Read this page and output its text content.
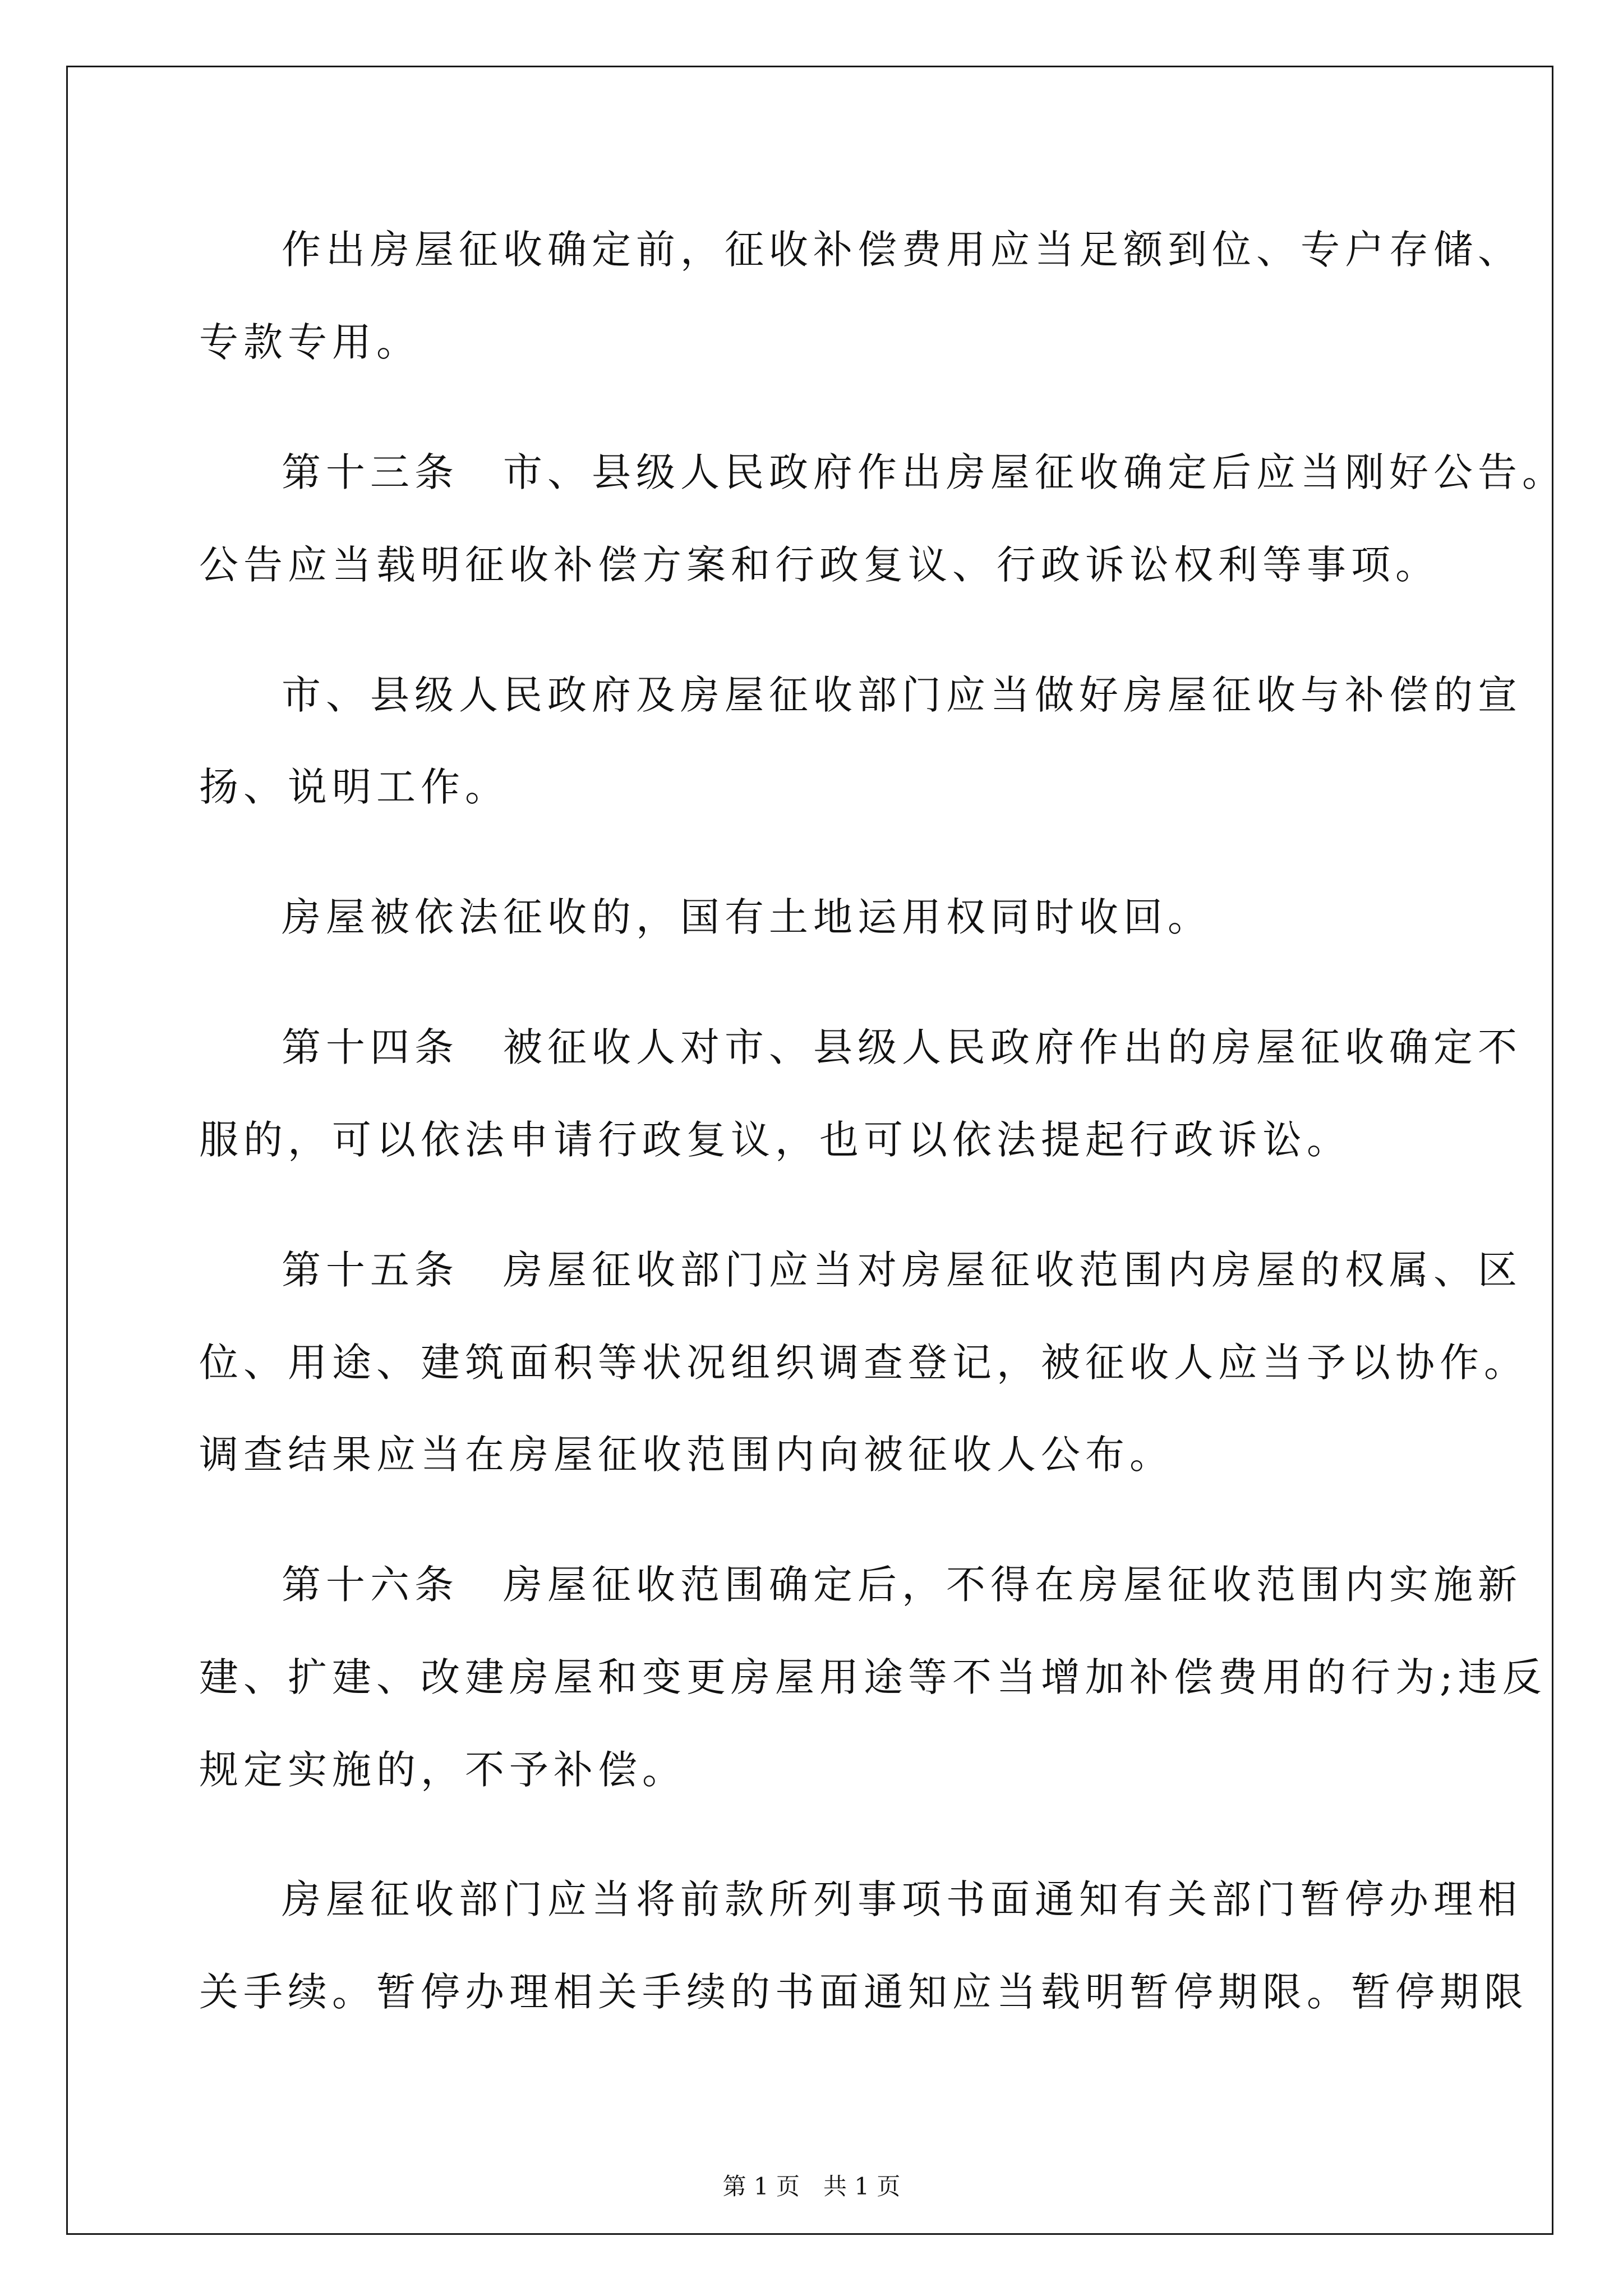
作出房屋征收确定前，征收补偿费用应当足额到位、专户存储、
专款专用。
第十三条　市、县级人民政府作出房屋征收确定后应当刚好公告。
公告应当载明征收补偿方案和行政复议、行政诉讼权利等事项。
市、县级人民政府及房屋征收部门应当做好房屋征收与补偿的宣
扬、说明工作。
房屋被依法征收的，国有土地运用权同时收回。
第十四条　被征收人对市、县级人民政府作出的房屋征收确定不
服的，可以依法申请行政复议，也可以依法提起行政诉讼。
第十五条　房屋征收部门应当对房屋征收范围内房屋的权属、区
位、用途、建筑面积等状况组织调查登记，被征收人应当予以协作。
调查结果应当在房屋征收范围内向被征收人公布。
第十六条　房屋征收范围确定后，不得在房屋征收范围内实施新
建、扩建、改建房屋和变更房屋用途等不当增加补偿费用的行为;违反
规定实施的，不予补偿。
房屋征收部门应当将前款所列事项书面通知有关部门暂停办理相
关手续。暂停办理相关手续的书面通知应当载明暂停期限。暂停期限
第 1 页　共 1 页
